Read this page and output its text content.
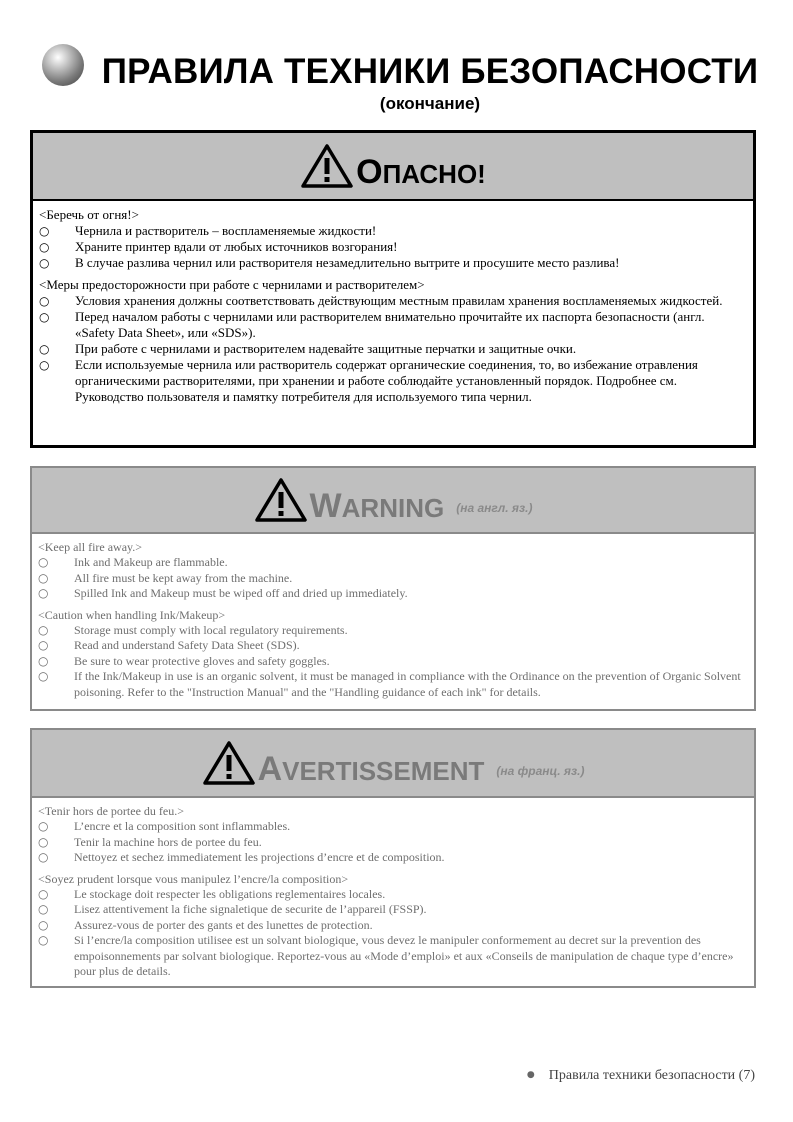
ПРАВИЛА ТЕХНИКИ БЕЗОПАСНОСТИ
(окончание)
ОПАСНО!
<Беречь от огня!>
○ Чернила и растворитель – воспламеняемые жидкости!
○ Храните принтер вдали от любых источников возгорания!
○ В случае разлива чернил или растворителя незамедлительно вытрите и просушите место разлива!
<Меры предосторожности при работе с чернилами и растворителем>
○ Условия хранения должны соответствовать действующим местным правилам хранения воспламеняемых жидкостей.
○ Перед началом работы с чернилами или растворителем внимательно прочитайте их паспорта безопасности (англ. «Safety Data Sheet», или «SDS»).
○ При работе с чернилами и растворителем надевайте защитные перчатки и защитные очки.
○ Если используемые чернила или растворитель содержат органические соединения, то, во избежание отравления органическими растворителями, при хранении и работе соблюдайте установленный порядок. Подробнее см. Руководство пользователя и памятку потребителя для используемого типа чернил.
WARNING (на англ. яз.)
<Keep all fire away.>
○ Ink and Makeup are flammable.
○ All fire must be kept away from the machine.
○ Spilled Ink and Makeup must be wiped off and dried up immediately.
<Caution when handling Ink/Makeup>
○ Storage must comply with local regulatory requirements.
○ Read and understand Safety Data Sheet (SDS).
○ Be sure to wear protective gloves and safety goggles.
○ If the Ink/Makeup in use is an organic solvent, it must be managed in compliance with the Ordinance on the prevention of Organic Solvent poisoning. Refer to the "Instruction Manual" and the "Handling guidance of each ink" for details.
AVERTISSEMENT (на франц. яз.)
<Tenir hors de portee du feu.>
○ L’encre et la composition sont inflammables.
○ Tenir la machine hors de portee du feu.
○ Nettoyez et sechez immediatement les projections d’encre et de composition.
<Soyez prudent lorsque vous manipulez l’encre/la composition>
○ Le stockage doit respecter les obligations reglementaires locales.
○ Lisez attentivement la fiche signaletique de securite de l’appareil (FSSP).
○ Assurez-vous de porter des gants et des lunettes de protection.
○ Si l’encre/la composition utilisee est un solvant biologique, vous devez le manipuler conformement au decret sur la prevention des empoisonnements par solvant biologique. Reportez-vous au «Mode d’emploi» et aux «Conseils de manipulation de chaque type d’encre» pour plus de details.
● Правила техники безопасности (7)
